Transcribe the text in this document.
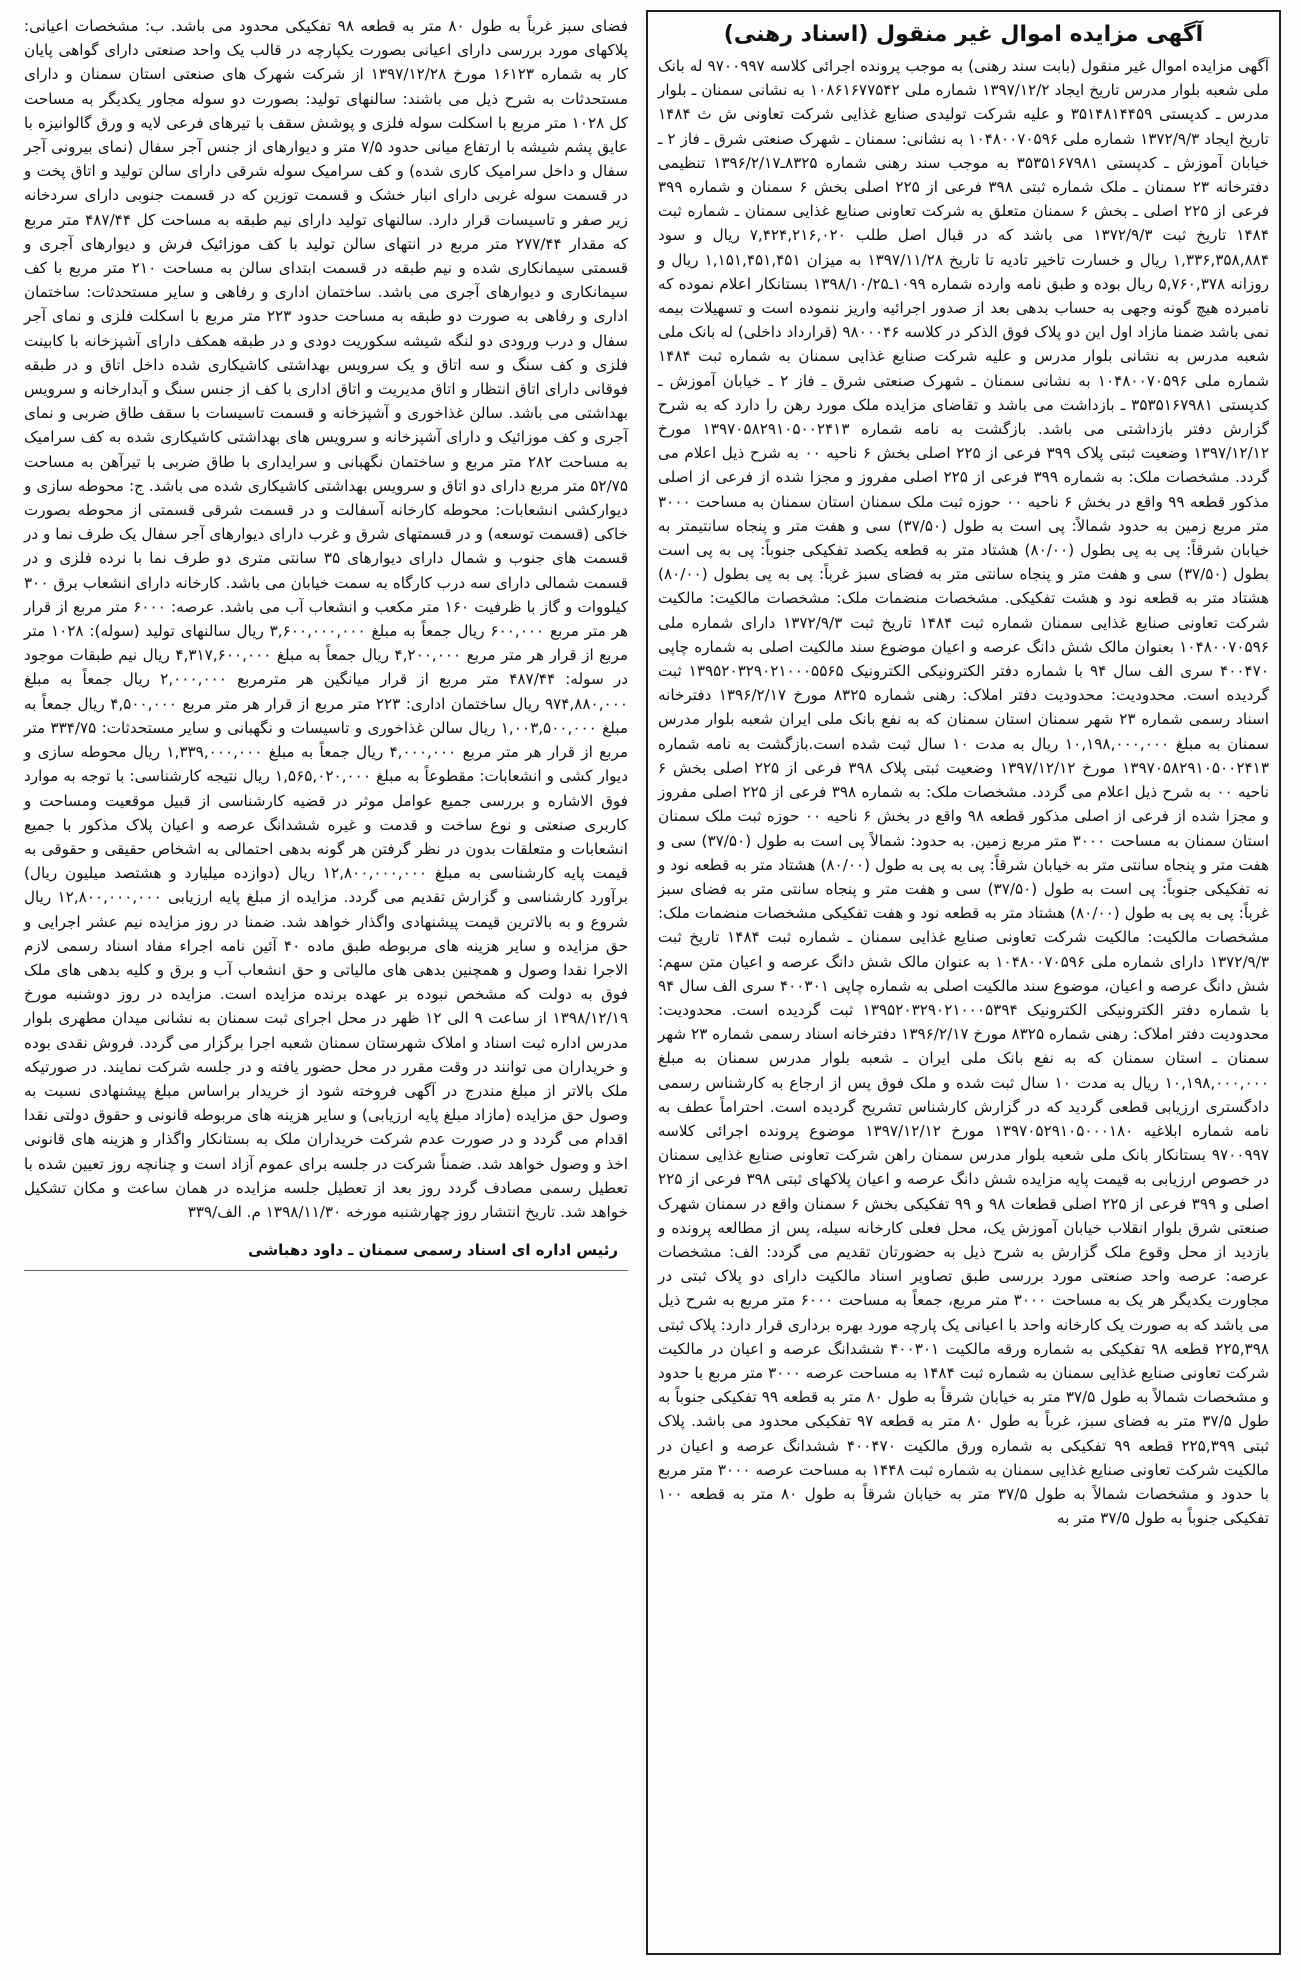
آگهی مزایده اموال غیر منقول (اسناد رهنی)

آگهی مزایده اموال غیر منقول (بابت سند رهنی) به موجب پرونده اجرائی کلاسه ۹۷۰۰۹۹۷ له بانک ملی شعبه بلوار مدرس تاریخ ایجاد ۱۳۹۷/۱۲/۲ شماره ملی ۱۰۸۶۱۶۷۷۵۴۲ به نشانی سمنان ـ بلوار مدرس ـ کدپستی ۳۵۱۴۸۱۴۴۵۹ و علیه شرکت تولیدی صنایع غذایی شرکت تعاونی ش ث ۱۴۸۴ تاریخ ایجاد ۱۳۷۲/۹/۳ شماره ملی ۱۰۴۸۰۰۷۰۵۹۶ به نشانی: سمنان ـ شهرک صنعتی شرق ـ فاز ۲ ـ خیابان آموزش ـ کدپستی ۳۵۳۵۱۶۷۹۸۱ به موجب سند رهنی شماره ۸۳۲۵ـ۱۳۹۶/۲/۱۷ تنظیمی دفترخانه ۲۳ سمنان ـ ملک شماره ثبتی ۳۹۸ فرعی از ۲۲۵ اصلی بخش ۶ سمنان و شماره ۳۹۹ فرعی از ۲۲۵ اصلی ـ بخش ۶ سمنان متعلق به شرکت تعاونی صنایع غذایی سمنان ـ شماره ثبت ۱۴۸۴ تاریخ ثبت ۱۳۷۲/۹/۳ می باشد که در قبال اصل طلب ۷,۴۲۴,۲۱۶,۰۲۰ ریال و سود ۱,۳۳۶,۳۵۸,۸۸۴ ریال و خسارت تاخیر تادیه تا تاریخ ۱۳۹۷/۱۱/۲۸ به میزان ۱,۱۵۱,۴۵۱,۴۵۱ ریال و روزانه ۵,۷۶۰,۳۷۸ ریال بوده و طبق نامه وارده شماره ۱۰۹۹ـ۱۳۹۸/۱۰/۲۵ بستانکار اعلام نموده که نامبرده هیچ گونه وجهی به حساب بدهی بعد از صدور اجرائیه واریز ننموده است و تسهیلات بیمه نمی باشد ضمنا مازاد اول این دو پلاک فوق الذکر در کلاسه ۹۸۰۰۰۴۶ (قرارداد داخلی) له بانک ملی شعبه مدرس به نشانی بلوار مدرس و علیه شرکت صنایع غذایی سمنان به شماره ثبت ۱۴۸۴ شماره ملی ۱۰۴۸۰۰۷۰۵۹۶ به نشانی سمنان ـ شهرک صنعتی شرق ـ فاز ۲ ـ خیابان آموزش ـ کدپستی ۳۵۳۵۱۶۷۹۸۱ ـ بازداشت می باشد و تقاضای مزایده ملک مورد رهن را دارد که به شرح گزارش دفتر بازداشتی می باشد. بازگشت به نامه شماره ۱۳۹۷۰۵۸۲۹۱۰۵۰۰۲۴۱۳ مورخ ۱۳۹۷/۱۲/۱۲ وضعیت ثبتی پلاک ۳۹۹ فرعی از ۲۲۵ اصلی بخش ۶ ناحیه ۰۰ به شرح ذیل اعلام می گردد. مشخصات ملک: به شماره ۳۹۹ فرعی از ۲۲۵ اصلی مفروز و مجزا شده از فرعی از اصلی مذکور قطعه ۹۹ واقع در بخش ۶ ناحیه ۰۰ حوزه ثبت ملک سمنان استان سمنان به مساحت ۳۰۰۰ متر مربع زمین به حدود شمالاً: پی است به طول (۳۷/۵۰) سی و هفت متر و پنجاه سانتیمتر به خیابان شرقاً: پی به پی بطول (۸۰/۰۰) هشتاد متر به قطعه یکصد تفکیکی جنوباً: پی به پی است بطول (۳۷/۵۰) سی و هفت متر و پنجاه سانتی متر به فضای سبز غرباً: پی به پی بطول (۸۰/۰۰) هشتاد متر به قطعه نود و هشت تفکیکی. مشخصات منضمات ملک: مشخصات مالکیت: مالکیت شرکت تعاونی صنایع غذایی سمنان شماره ثبت ۱۴۸۴ تاریخ ثبت ۱۳۷۲/۹/۳ دارای شماره ملی ۱۰۴۸۰۰۷۰۵۹۶ بعنوان مالک شش دانگ عرصه و اعیان موضوع سند مالکیت اصلی به شماره چاپی ۴۰۰۴۷۰ سری الف سال ۹۴ با شماره دفتر الکترونیکی الکترونیک ۱۳۹۵۲۰۳۲۹۰۲۱۰۰۰۵۵۶۵ ثبت گردیده است. محدودیت: محدودیت دفتر املاک: رهنی شماره ۸۳۲۵ مورخ ۱۳۹۶/۲/۱۷ دفترخانه اسناد رسمی شماره ۲۳ شهر سمنان استان سمنان که به نفع بانک ملی ایران شعبه بلوار مدرس سمنان به مبلغ ۱۰,۱۹۸,۰۰۰,۰۰۰ ریال به مدت ۱۰ سال ثبت شده است.بازگشت به نامه شماره ۱۳۹۷۰۵۸۲۹۱۰۵۰۰۲۴۱۳ مورخ ۱۳۹۷/۱۲/۱۲ وضعیت ثبتی پلاک ۳۹۸ فرعی از ۲۲۵ اصلی بخش ۶ ناحیه ۰۰ به شرح ذیل اعلام می گردد. مشخصات ملک: به شماره ۳۹۸ فرعی از ۲۲۵ اصلی مفروز و مجزا شده از فرعی از اصلی مذکور قطعه ۹۸ واقع در بخش ۶ ناحیه ۰۰ حوزه ثبت ملک سمنان استان سمنان به مساحت ۳۰۰۰ متر مربع زمین. به حدود: شمالاً پی است به طول (۳۷/۵۰) سی و هفت متر و پنجاه سانتی متر به خیابان شرقاً: پی به پی به طول (۸۰/۰۰) هشتاد متر به قطعه نود و نه تفکیکی جنوباً: پی است به طول (۳۷/۵۰) سی و هفت متر و پنجاه سانتی متر به فضای سبز غرباً: پی به پی به طول (۸۰/۰۰) هشتاد متر به قطعه نود و هفت تفکیکی مشخصات منضمات ملک: مشخصات مالکیت: مالکیت شرکت تعاونی صنایع غذایی سمنان ـ شماره ثبت ۱۴۸۴ تاریخ ثبت ۱۳۷۲/۹/۳ دارای شماره ملی ۱۰۴۸۰۰۷۰۵۹۶ به عنوان مالک شش دانگ عرصه و اعیان متن سهم: شش دانگ عرصه و اعیان، موضوع سند مالکیت اصلی به شماره چاپی ۴۰۰۳۰۱ سری الف سال ۹۴ با شماره دفتر الکترونیکی الکترونیک ۱۳۹۵۲۰۳۲۹۰۲۱۰۰۰۵۳۹۴ ثبت گردیده است. محدودیت: محدودیت دفتر املاک: رهنی شماره ۸۳۲۵ مورخ ۱۳۹۶/۲/۱۷ دفترخانه اسناد رسمی شماره ۲۳ شهر سمنان ـ استان سمنان که به نفع بانک ملی ایران ـ شعبه بلوار مدرس سمنان به مبلغ ۱۰,۱۹۸,۰۰۰,۰۰۰ ریال به مدت ۱۰ سال ثبت شده و ملک فوق پس از ارجاع به کارشناس رسمی دادگستری ارزیابی قطعی گردید که در گزارش کارشناس تشریح گردیده است. احتراماً عطف به نامه شماره ابلاغیه ۱۳۹۷۰۵۲۹۱۰۵۰۰۰۱۸۰ مورخ ۱۳۹۷/۱۲/۱۲ موضوع پرونده اجرائی کلاسه ۹۷۰۰۹۹۷ بستانکار بانک ملی شعبه بلوار مدرس سمنان راهن شرکت تعاونی صنایع غذایی سمنان در خصوص ارزیابی به قیمت پایه مزایده شش دانگ عرصه و اعیان پلاکهای ثبتی ۳۹۸ فرعی از ۲۲۵ اصلی و ۳۹۹ فرعی از ۲۲۵ اصلی قطعات ۹۸ و ۹۹ تفکیکی بخش ۶ سمنان واقع در سمنان شهرک صنعتی شرق بلوار انقلاب خیابان آموزش یک، محل فعلی کارخانه سیله، پس از مطالعه پرونده و بازدید از محل وقوع ملک گزارش به شرح ذیل به حضورتان تقدیم می گردد: الف: مشخصات عرصه: عرصه واحد صنعتی مورد بررسی طبق تصاویر اسناد مالکیت دارای دو پلاک ثبتی در مجاورت یکدیگر هر یک به مساحت ۳۰۰۰ متر مربع، جمعاً به مساحت ۶۰۰۰ متر مربع به شرح ذیل می باشد که به صورت یک کارخانه واحد با اعیانی یک پارچه مورد بهره برداری قرار دارد: پلاک ثبتی ۲۲۵,۳۹۸ قطعه ۹۸ تفکیکی به شماره ورقه مالکیت ۴۰۰۳۰۱ ششدانگ عرصه و اعیان در مالکیت شرکت تعاونی صنایع غذایی سمنان به شماره ثبت ۱۴۸۴ به مساحت عرصه ۳۰۰۰ متر مربع با حدود و مشخصات شمالاً به طول ۳۷/۵ متر به خیابان شرقاً به طول ۸۰ متر به قطعه ۹۹ تفکیکی جنوباً به طول ۳۷/۵ متر به فضای سبز، غرباً به طول ۸۰ متر به قطعه ۹۷ تفکیکی محدود می باشد. پلاک ثبتی ۲۲۵,۳۹۹ قطعه ۹۹ تفکیکی به شماره ورق مالکیت ۴۰۰۴۷۰ ششدانگ عرصه و اعیان در مالکیت شرکت تعاونی صنایع غذایی سمنان به شماره ثبت ۱۴۴۸ به مساحت عرصه ۳۰۰۰ متر مربع با حدود و مشخصات شمالاً به طول ۳۷/۵ متر به خیابان شرقاً به طول ۸۰ متر به قطعه ۱۰۰ تفکیکی جنوباً به طول ۳۷/۵ متر به

فضای سبز غرباً به طول ۸۰ متر به قطعه ۹۸ تفکیکی محدود می باشد. ب: مشخصات اعیانی: پلاکهای مورد بررسی دارای اعیانی بصورت یکپارچه در قالب یک واحد صنعتی دارای گواهی پایان کار به شماره ۱۶۱۲۳ مورخ ۱۳۹۷/۱۲/۲۸ از شرکت شهرک های صنعتی استان سمنان و دارای مستحدثات به شرح ذیل می باشند: سالنهای تولید: بصورت دو سوله مجاور یکدیگر به مساحت کل ۱۰۲۸ متر مربع با اسکلت سوله فلزی و پوشش سقف با تیرهای فرعی لایه و ورق گالوانیزه با عایق پشم شیشه با ارتفاع میانی حدود ۷/۵ متر و دیوارهای از جنس آجر سفال (نمای بیرونی آجر سفال و داخل سرامیک کاری شده) و کف سرامیک سوله شرقی دارای سالن تولید و اتاق پخت و در قسمت سوله غربی دارای انبار خشک و قسمت توزین که در قسمت جنوبی دارای سردخانه زیر صفر و تاسیسات قرار دارد. سالنهای تولید دارای نیم طبقه به مساحت کل ۴۸۷/۴۴ متر مربع که مقدار ۲۷۷/۴۴ متر مربع در انتهای سالن تولید با کف موزائیک فرش و دیوارهای آجری و قسمتی سیمانکاری شده و نیم طبقه در قسمت ابتدای سالن به مساحت ۲۱۰ متر مربع با کف سیمانکاری و دیوارهای آجری می باشد. ساختمان اداری و رفاهی و سایر مستحدثات: ساختمان اداری و رفاهی به صورت دو طبقه به مساحت حدود ۲۲۳ متر مربع با اسکلت فلزی و نمای آجر سفال و درب ورودی دو لنگه شیشه سکوریت دودی و در طبقه همکف دارای آشپزخانه با کابینت فلزی و کف سنگ و سه اتاق و یک سرویس بهداشتی کاشیکاری شده داخل اتاق و در طبقه فوقانی دارای اتاق انتظار و اتاق مدیریت و اتاق اداری با کف از جنس سنگ و آبدارخانه و سرویس بهداشتی می باشد. سالن غذاخوری و آشپزخانه و قسمت تاسیسات با سقف طاق ضربی و نمای آجری و کف موزائیک و دارای آشپزخانه و سرویس های بهداشتی کاشیکاری شده به کف سرامیک به مساحت ۲۸۲ متر مربع و ساختمان نگهبانی و سرایداری با طاق ضربی با تیرآهن به مساحت ۵۲/۷۵ متر مربع دارای دو اتاق و سرویس بهداشتی کاشیکاری شده می باشد. ج: محوطه سازی و دیوارکشی انشعابات: محوطه کارخانه آسفالت و در قسمت شرقی قسمتی از محوطه بصورت خاکی (قسمت توسعه) و در قسمتهای شرق و غرب دارای دیوارهای آجر سفال یک طرف نما و در قسمت های جنوب و شمال دارای دیوارهای ۳۵ سانتی متری دو طرف نما با نرده فلزی و در قسمت شمالی دارای سه درب کارگاه به سمت خیابان می باشد. کارخانه دارای انشعاب برق ۳۰۰ کیلووات و گاز با ظرفیت ۱۶۰ متر مکعب و انشعاب آب می باشد. عرصه: ۶۰۰۰ متر مربع از قرار هر متر مربع ۶۰۰,۰۰۰ ریال جمعاً به مبلغ ۳,۶۰۰,۰۰۰,۰۰۰ ریال سالنهای تولید (سوله): ۱۰۲۸ متر مربع از قرار هر متر مربع ۴,۲۰۰,۰۰۰ ریال جمعاً به مبلغ ۴,۳۱۷,۶۰۰,۰۰۰ ریال نیم طبقات موجود در سوله: ۴۸۷/۴۴ متر مربع از قرار میانگین هر مترمربع ۲,۰۰۰,۰۰۰ ریال جمعاً به مبلغ ۹۷۴,۸۸۰,۰۰۰ ریال ساختمان اداری: ۲۲۳ متر مربع از قرار هر متر مربع ۴,۵۰۰,۰۰۰ ریال جمعاً به مبلغ ۱,۰۰۳,۵۰۰,۰۰۰ ریال سالن غذاخوری و تاسیسات و نگهبانی و سایر مستحدثات: ۳۳۴/۷۵ متر مربع از قرار هر متر مربع ۴,۰۰۰,۰۰۰ ریال جمعاً به مبلغ ۱,۳۳۹,۰۰۰,۰۰۰ ریال محوطه سازی و دیوار کشی و انشعابات: مقطوعاً به مبلغ ۱,۵۶۵,۰۲۰,۰۰۰ ریال نتیجه کارشناسی: با توجه به موارد فوق الاشاره و بررسی جمیع عوامل موثر در قضیه کارشناسی از قبیل موقعیت ومساحت و کاربری صنعتی و نوع ساخت و قدمت و غیره ششدانگ عرصه و اعیان پلاک مذکور با جمیع انشعابات و متعلقات بدون در نظر گرفتن هر گونه بدهی احتمالی به اشخاص حقیقی و حقوقی به قیمت پایه کارشناسی به مبلغ ۱۲,۸۰۰,۰۰۰,۰۰۰ ریال (دوازده میلیارد و هشتصد میلیون ریال) برآورد کارشناسی و گزارش تقدیم می گردد. مزایده از مبلغ پایه ارزیابی ۱۲,۸۰۰,۰۰۰,۰۰۰ ریال شروع و به بالاترین قیمت پیشنهادی واگذار خواهد شد. ضمنا در روز مزایده نیم عشر اجرایی و حق مزایده و سایر هزینه های مربوطه طبق ماده ۴۰ آئین نامه اجراء مفاد اسناد رسمی لازم الاجرا نقدا وصول و همچنین بدهی های مالیاتی و حق انشعاب آب و برق و کلیه بدهی های ملک فوق به دولت که مشخص نبوده بر عهده برنده مزایده است. مزایده در روز دوشنبه مورخ ۱۳۹۸/۱۲/۱۹ از ساعت ۹ الی ۱۲ ظهر در محل اجرای ثبت سمنان به نشانی میدان مطهری بلوار مدرس اداره ثبت اسناد و املاک شهرستان سمنان شعبه اجرا برگزار می گردد. فروش نقدی بوده و خریداران می توانند در وقت مقرر در محل حضور یافته و در جلسه شرکت نمایند. در صورتیکه ملک بالاتر از مبلغ مندرج در آگهی فروخته شود از خریدار براساس مبلغ پیشنهادی نسبت به وصول حق مزایده (مازاد مبلغ پایه ارزیابی) و سایر هزینه های مربوطه قانونی و حقوق دولتی نقدا اقدام می گردد و در صورت عدم شرکت خریداران ملک به بستانکار واگذار و هزینه های قانونی اخذ و وصول خواهد شد. ضمناً شرکت در جلسه برای عموم آزاد است و چنانچه روز تعیین شده با تعطیل رسمی مصادف گردد روز بعد از تعطیل جلسه مزایده در همان ساعت و مکان تشکیل خواهد شد. تاریخ انتشار روز چهارشنبه مورخه ۱۳۹۸/۱۱/۳۰ م. الف/۳۳۹

رئیس اداره ای اسناد رسمی سمنان ـ داود دهباشی
